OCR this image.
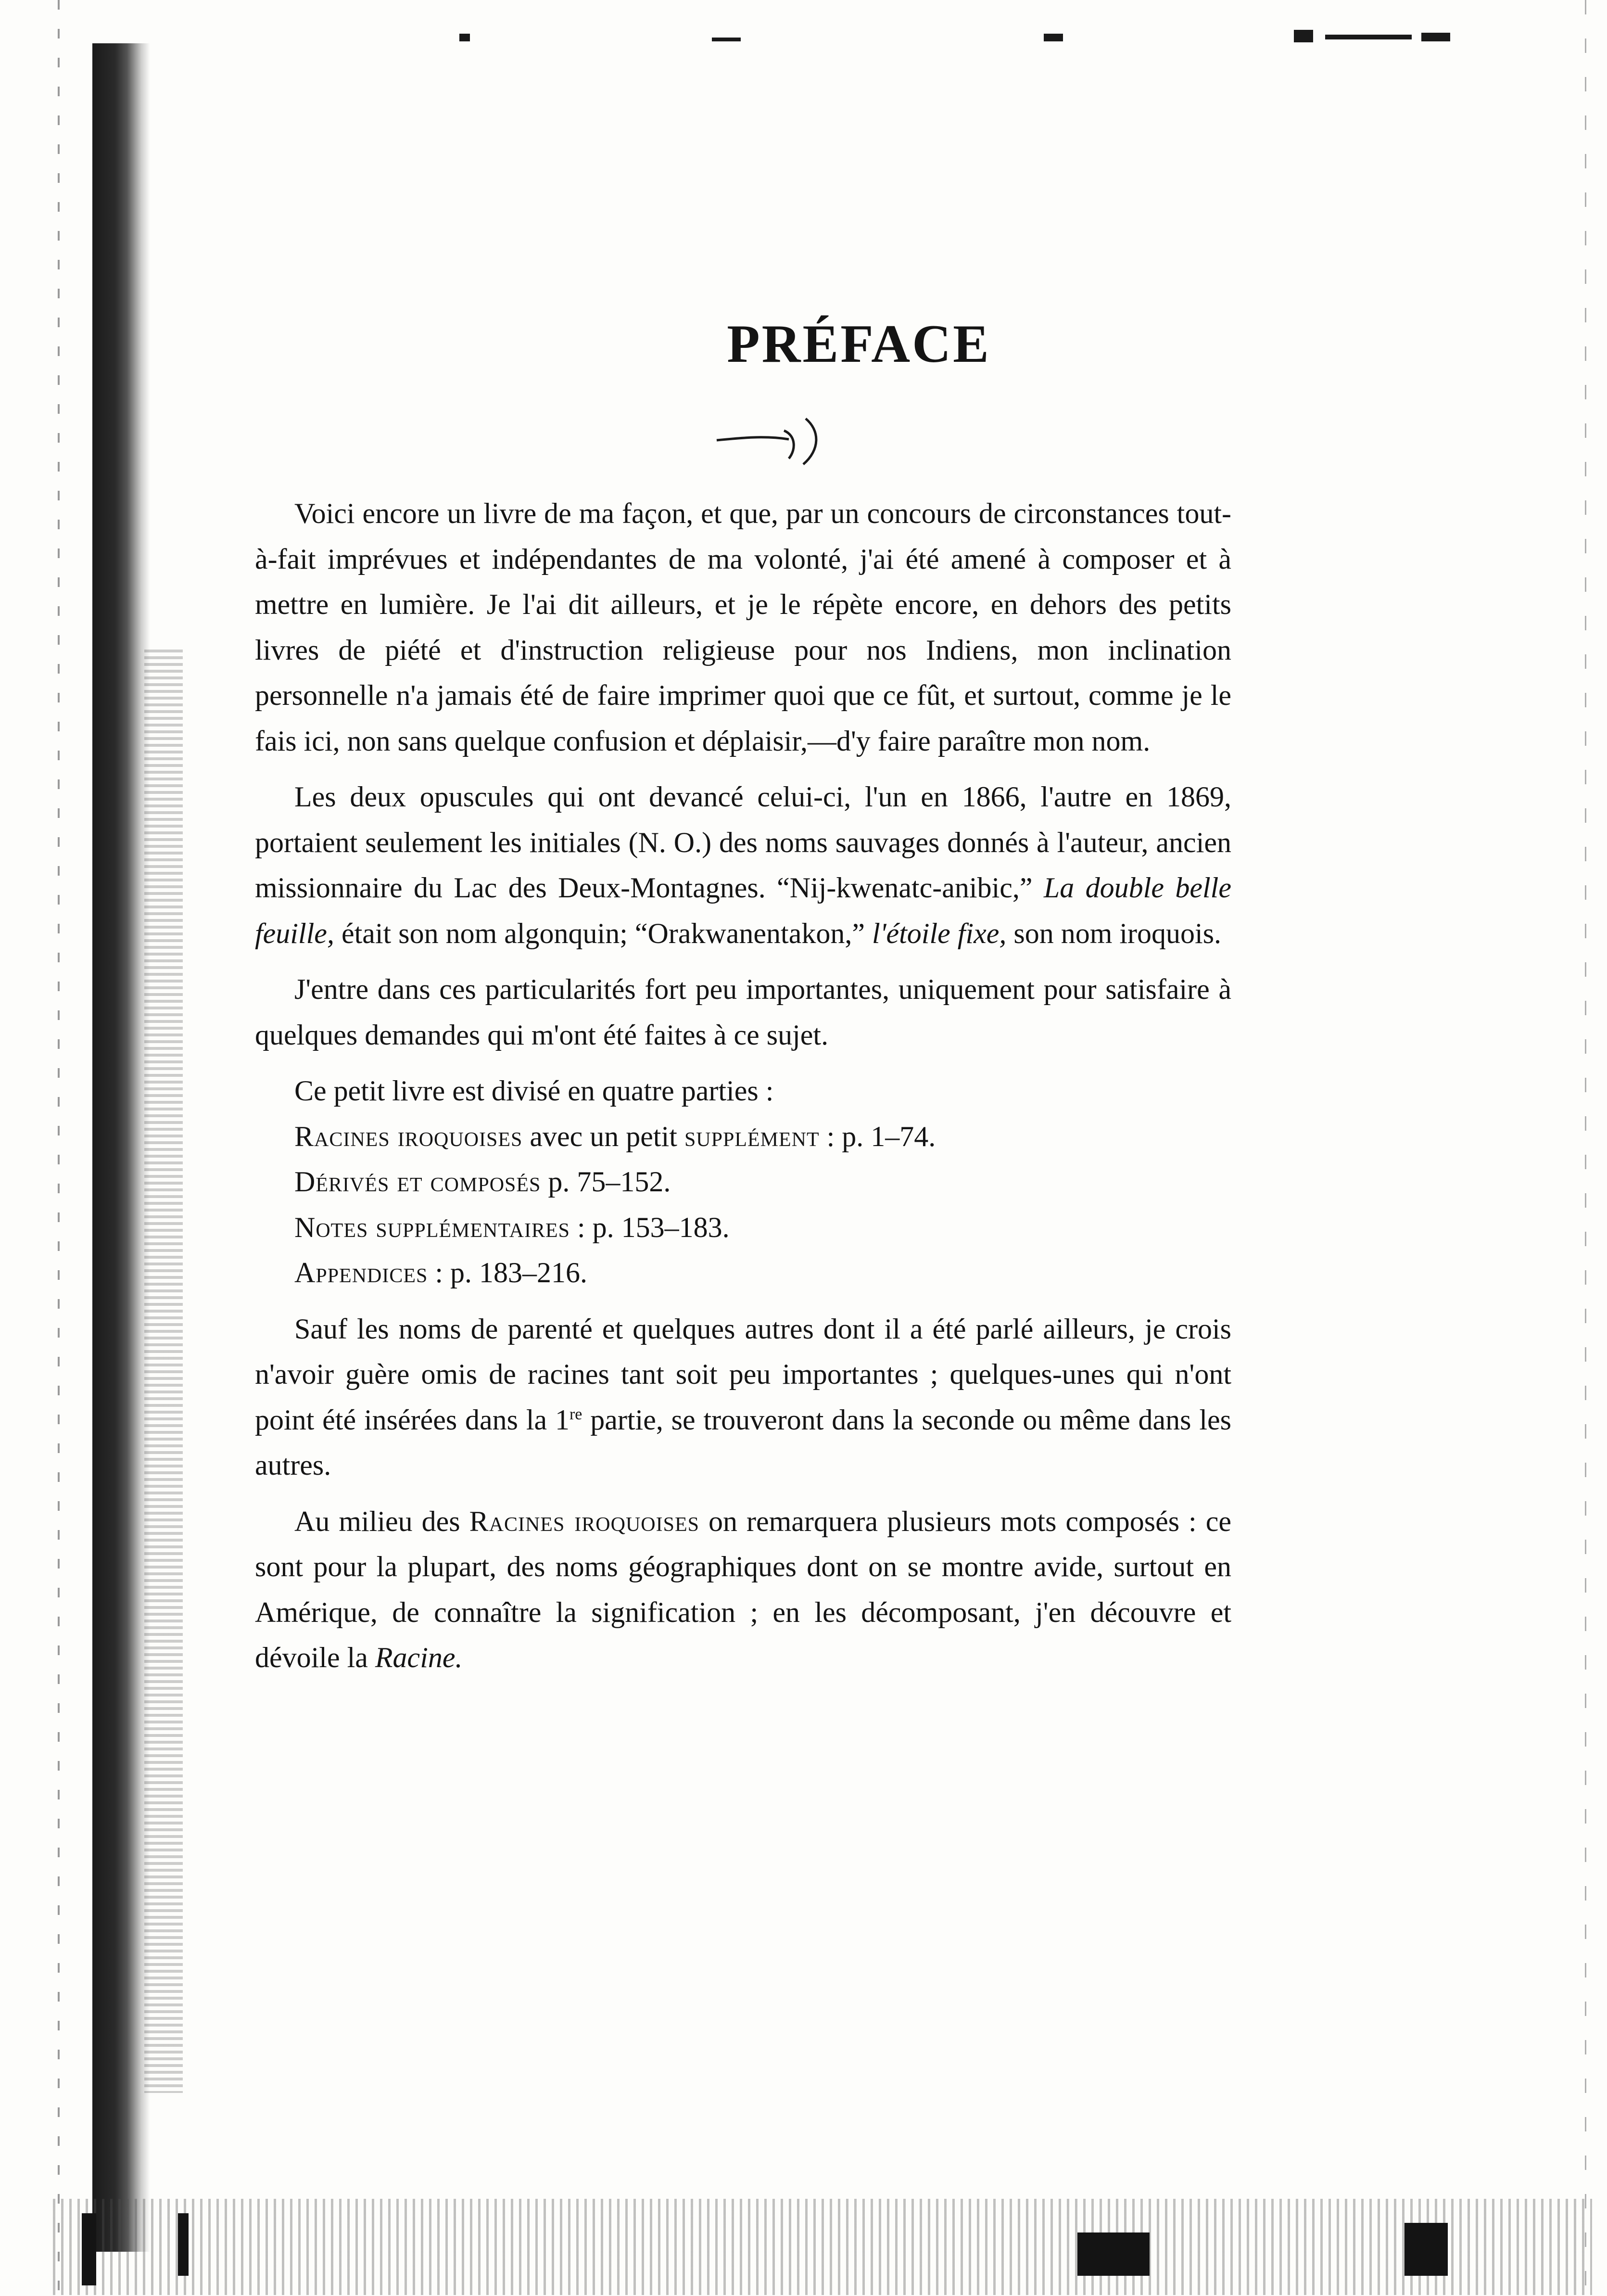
PRÉFACE

Voici encore un livre de ma façon, et que, par un concours de circonstances tout-à-fait imprévues et indépendantes de ma volonté, j'ai été amené à composer et à mettre en lumière. Je l'ai dit ailleurs, et je le répète encore, en dehors des petits livres de piété et d'instruction religieuse pour nos Indiens, mon inclination personnelle n'a jamais été de faire imprimer quoi que ce fût, et surtout, comme je le fais ici, non sans quelque confusion et déplaisir,—d'y faire paraître mon nom.

Les deux opuscules qui ont devancé celui-ci, l'un en 1866, l'autre en 1869, portaient seulement les initiales (N. O.) des noms sauvages donnés à l'auteur, ancien missionnaire du Lac des Deux-Montagnes. “Nij-kwenatc-anibic,” La double belle feuille, était son nom algonquin; “Orakwanentakon,” l'étoile fixe, son nom iroquois.

J'entre dans ces particularités fort peu importantes, uniquement pour satisfaire à quelques demandes qui m'ont été faites à ce sujet.

Ce petit livre est divisé en quatre parties :

Racines iroquoises avec un petit supplément : p. 1–74.

Dérivés et composés p. 75–152.

Notes supplémentaires : p. 153–183.

Appendices : p. 183–216.

Sauf les noms de parenté et quelques autres dont il a été parlé ailleurs, je crois n'avoir guère omis de racines tant soit peu importantes ; quelques-unes qui n'ont point été insérées dans la 1re partie, se trouveront dans la seconde ou même dans les autres.

Au milieu des Racines iroquoises on remarquera plusieurs mots composés : ce sont pour la plupart, des noms géographiques dont on se montre avide, surtout en Amérique, de connaître la signification ; en les décomposant, j'en découvre et dévoile la Racine.
